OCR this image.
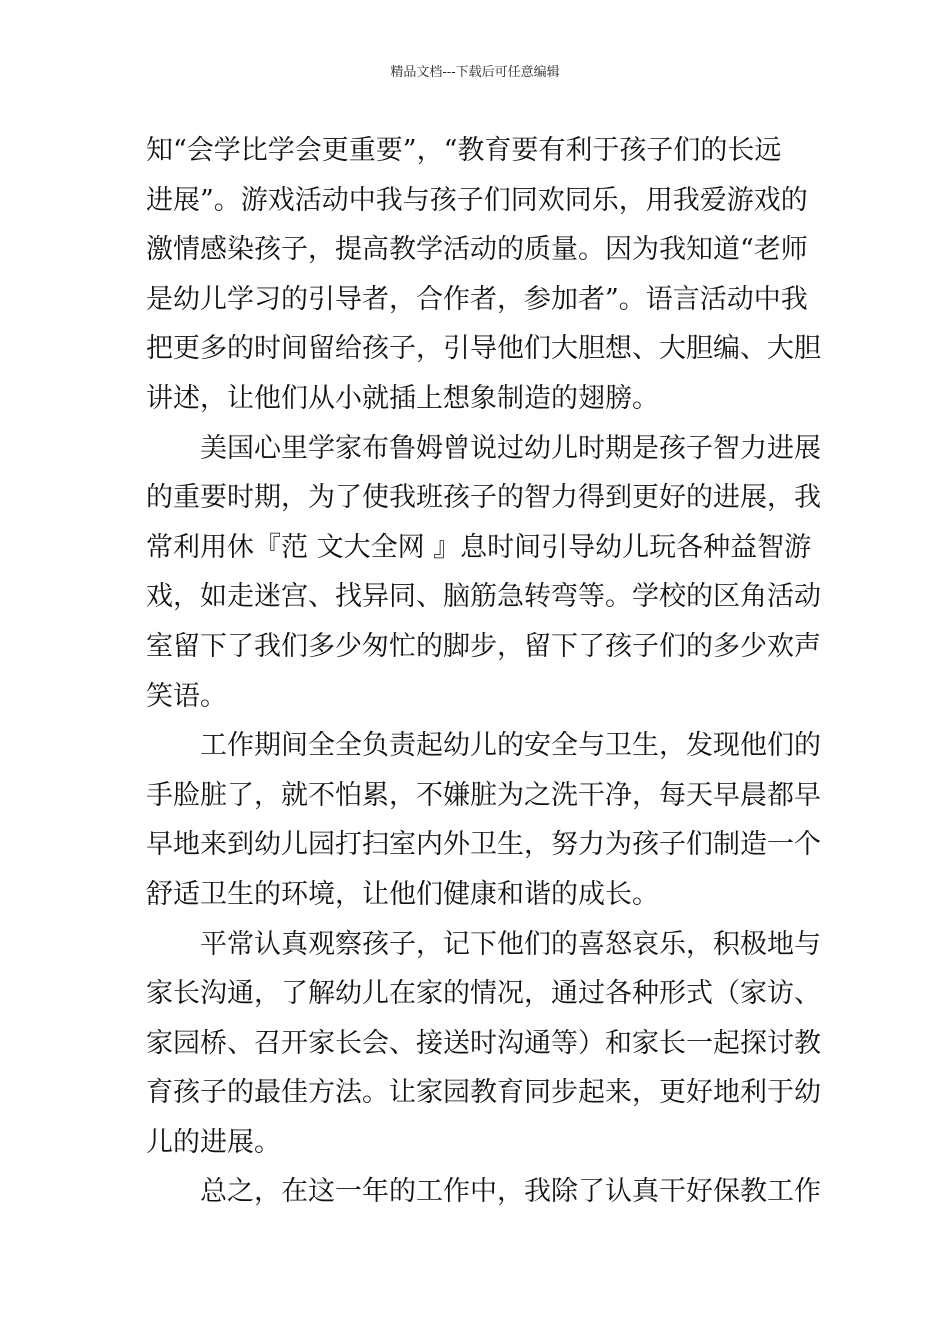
精品文档---下载后可任意编辑

知“会学比学会更重要”，“教育要有利于孩子们的长远
进展”。游戏活动中我与孩子们同欢同乐，用我爱游戏的
激情感染孩子，提高教学活动的质量。因为我知道“老师
是幼儿学习的引导者，合作者，参加者”。语言活动中我
把更多的时间留给孩子，引导他们大胆想、大胆编、大胆
讲述，让他们从小就插上想象制造的翅膀。

美国心里学家布鲁姆曾说过幼儿时期是孩子智力进展
的重要时期，为了使我班孩子的智力得到更好的进展，我
常利用休『范 文大全网 』息时间引导幼儿玩各种益智游
戏，如走迷宫、找异同、脑筋急转弯等。学校的区角活动
室留下了我们多少匆忙的脚步，留下了孩子们的多少欢声
笑语。

工作期间全全负责起幼儿的安全与卫生，发现他们的
手脸脏了，就不怕累，不嫌脏为之洗干净，每天早晨都早
早地来到幼儿园打扫室内外卫生，努力为孩子们制造一个
舒适卫生的环境，让他们健康和谐的成长。

平常认真观察孩子，记下他们的喜怒哀乐，积极地与
家长沟通，了解幼儿在家的情况，通过各种形式（家访、
家园桥、召开家长会、接送时沟通等）和家长一起探讨教
育孩子的最佳方法。让家园教育同步起来，更好地利于幼
儿的进展。

总之，在这一年的工作中，我除了认真干好保教工作
